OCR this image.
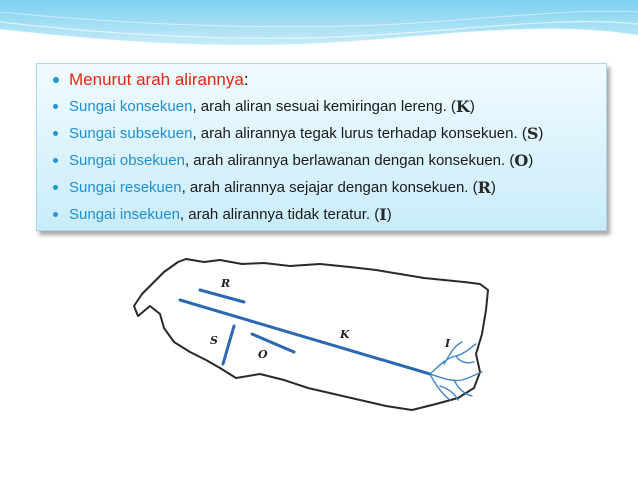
Menurut arah alirannya :
Sungai konsekuen , arah aliran sesuai kemiringan lereng. ( K )
Sungai subsekuen , arah alirannya tegak lurus terhadap konsekuen. ( S )
Sungai obsekuen , arah alirannya berlawanan dengan konsekuen. ( O )
Sungai resekuen , arah alirannya sejajar dengan konsekuen. ( R )
Sungai insekuen , arah alirannya tidak teratur. ( I )
R
K
S
O
I
